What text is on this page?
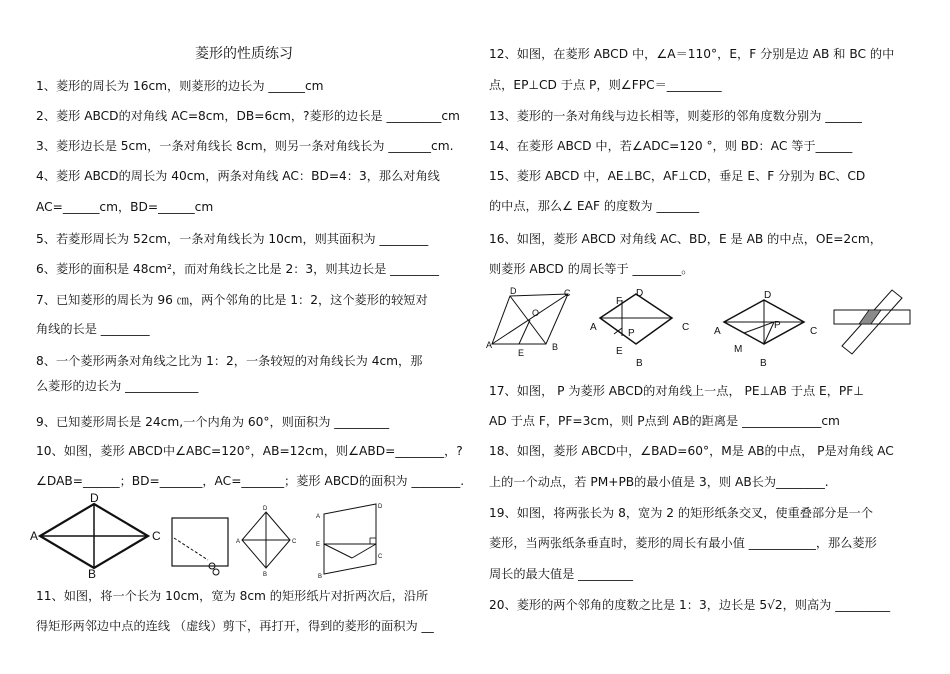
菱形的性质练习
1、菱形的周长为 16cm，则菱形的边长为 ______cm
2、菱形 ABCD的对角线 AC=8cm，DB=6cm，?菱形的边长是 _________cm
3、菱形边长是 5cm，一条对角线长 8cm，则另一条对角线长为 _______cm.
4、菱形 ABCD的周长为 40cm，两条对角线 AC：BD=4：3，那么对角线
AC=______cm，BD=______cm
5、若菱形周长为 52cm，一条对角线长为 10cm，则其面积为 ________
6、菱形的面积是 48cm²，而对角线长之比是 2：3，则其边长是 ________
7、已知菱形的周长为 96 ㎝，两个邻角的比是 1：2，这个菱形的较短对
角线的长是 ________
8、一个菱形两条对角线之比为 1：2，一条较短的对角线长为 4cm，那
么菱形的边长为 ____________
9、已知菱形周长是 24cm,一个内角为 60°，则面积为 _________
10、如图，菱形 ABCD中∠ABC=120°，AB=12cm，则∠ABD=________，?
∠DAB=______；BD=_______，AC=_______；菱形 ABCD的面积为 ________.
11、如图，将一个长为 10cm，宽为 8cm 的矩形纸片对折两次后，沿所
得矩形两邻边中点的连线 （虚线）剪下，再打开，得到的菱形的面积为 __
12、如图，在菱形 ABCD 中，∠A＝110°，E，F 分别是边 AB 和 BC 的中
点，EP⊥CD 于点 P，则∠FPC＝_________
13、菱形的一条对角线与边长相等，则菱形的邻角度数分别为 ______
14、在菱形 ABCD 中，若∠ADC=120 °，则 BD：AC 等于______
15、菱形 ABCD 中，AE⊥BC，AF⊥CD，垂足 E、F 分别为 BC、CD
的中点，那么∠ EAF 的度数为 _______
16、如图，菱形 ABCD 对角线 AC、BD，E 是 AB 的中点，OE=2cm，
则菱形 ABCD 的周长等于 ________。
17、如图， P 为菱形 ABCD的对角线上一点， PE⊥AB 于点 E，PF⊥
AD 于点 F，PF=3cm，则 P点到 AB的距离是 _____________cm
18、如图，菱形 ABCD中，∠BAD=60°，M是 AB的中点， P是对角线 AC
上的一个动点，若 PM+PB的最小值是 3，则 AB长为________.
19、如图，将两张长为 8，宽为 2 的矩形纸条交叉，使重叠部分是一个
菱形，当两张纸条垂直时，菱形的周长有最小值 ___________，那么菱形
周长的最大值是 _________
20、菱形的两个邻角的度数之比是 1：3，边长是 5√2，则高为 _________
D
A	C
B
D
A	C
B
D
E
A
C
B
D	C
O
A
E
B
F
D
A
P
C
E
B
D
P
A
M
C
B
